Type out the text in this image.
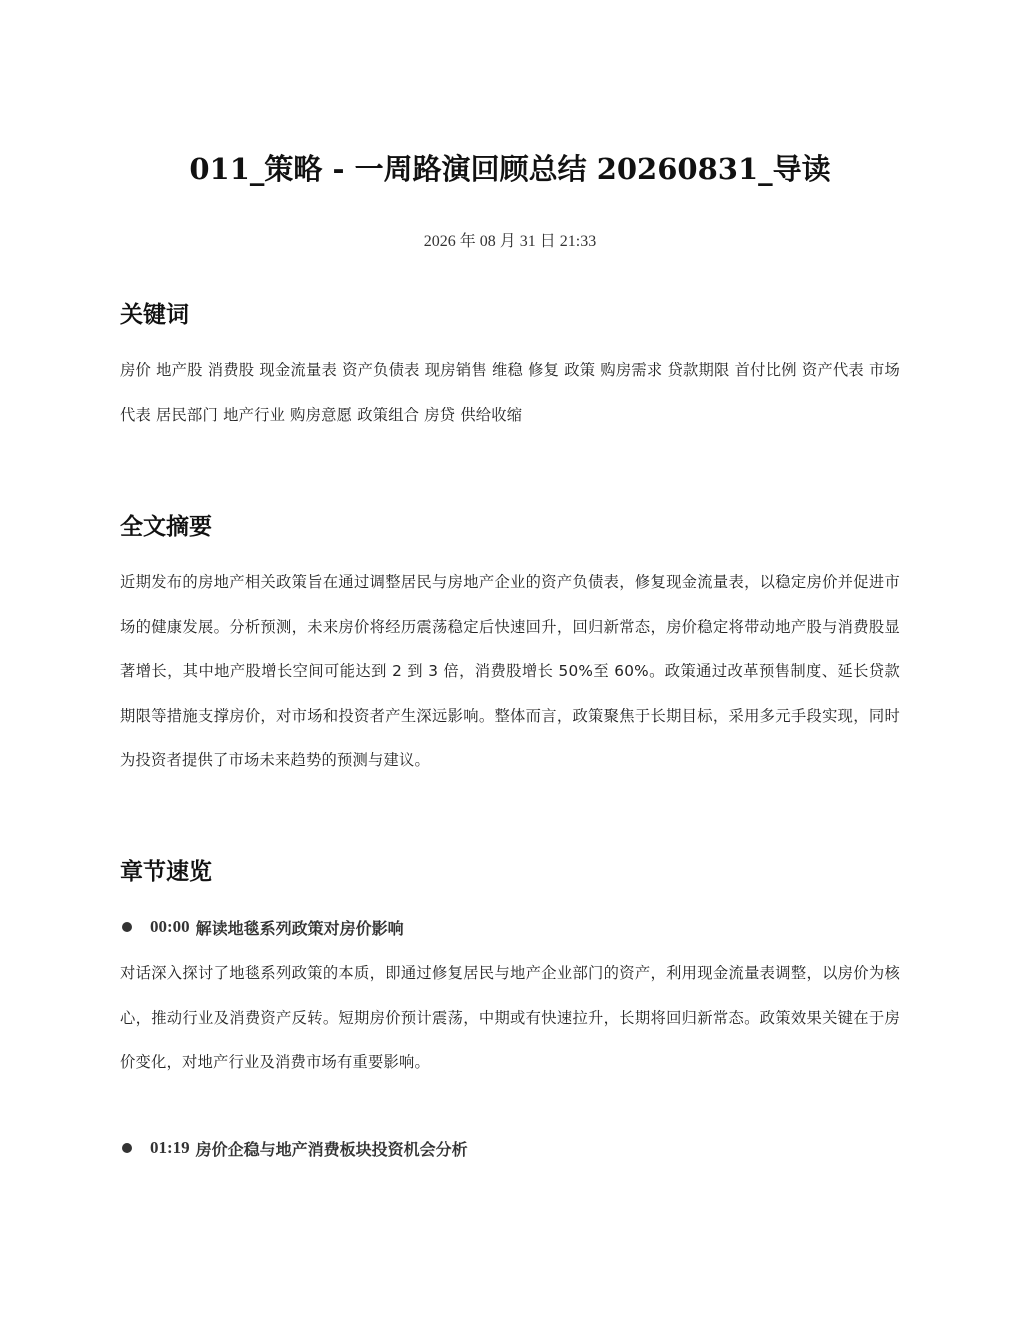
011_策略 - 一周路演回顾总结 20260831_导读
2026 年 08 月 31 日 21:33
关键词
房价 地产股 消费股 现金流量表 资产负债表 现房销售 维稳 修复 政策 购房需求 贷款期限 首付比例 资产代表 市场代表 居民部门 地产行业 购房意愿 政策组合 房贷 供给收缩
全文摘要
近期发布的房地产相关政策旨在通过调整居民与房地产企业的资产负债表，修复现金流量表，以稳定房价并促进市场的健康发展。分析预测，未来房价将经历震荡稳定后快速回升，回归新常态，房价稳定将带动地产股与消费股显著增长，其中地产股增长空间可能达到 2 到 3 倍，消费股增长 50%至 60%。政策通过改革预售制度、延长贷款期限等措施支撑房价，对市场和投资者产生深远影响。整体而言，政策聚焦于长期目标，采用多元手段实现，同时为投资者提供了市场未来趋势的预测与建议。
章节速览
00:00 解读地毯系列政策对房价影响
对话深入探讨了地毯系列政策的本质，即通过修复居民与地产企业部门的资产，利用现金流量表调整，以房价为核心，推动行业及消费资产反转。短期房价预计震荡，中期或有快速拉升，长期将回归新常态。政策效果关键在于房价变化，对地产行业及消费市场有重要影响。
01:19 房价企稳与地产消费板块投资机会分析
